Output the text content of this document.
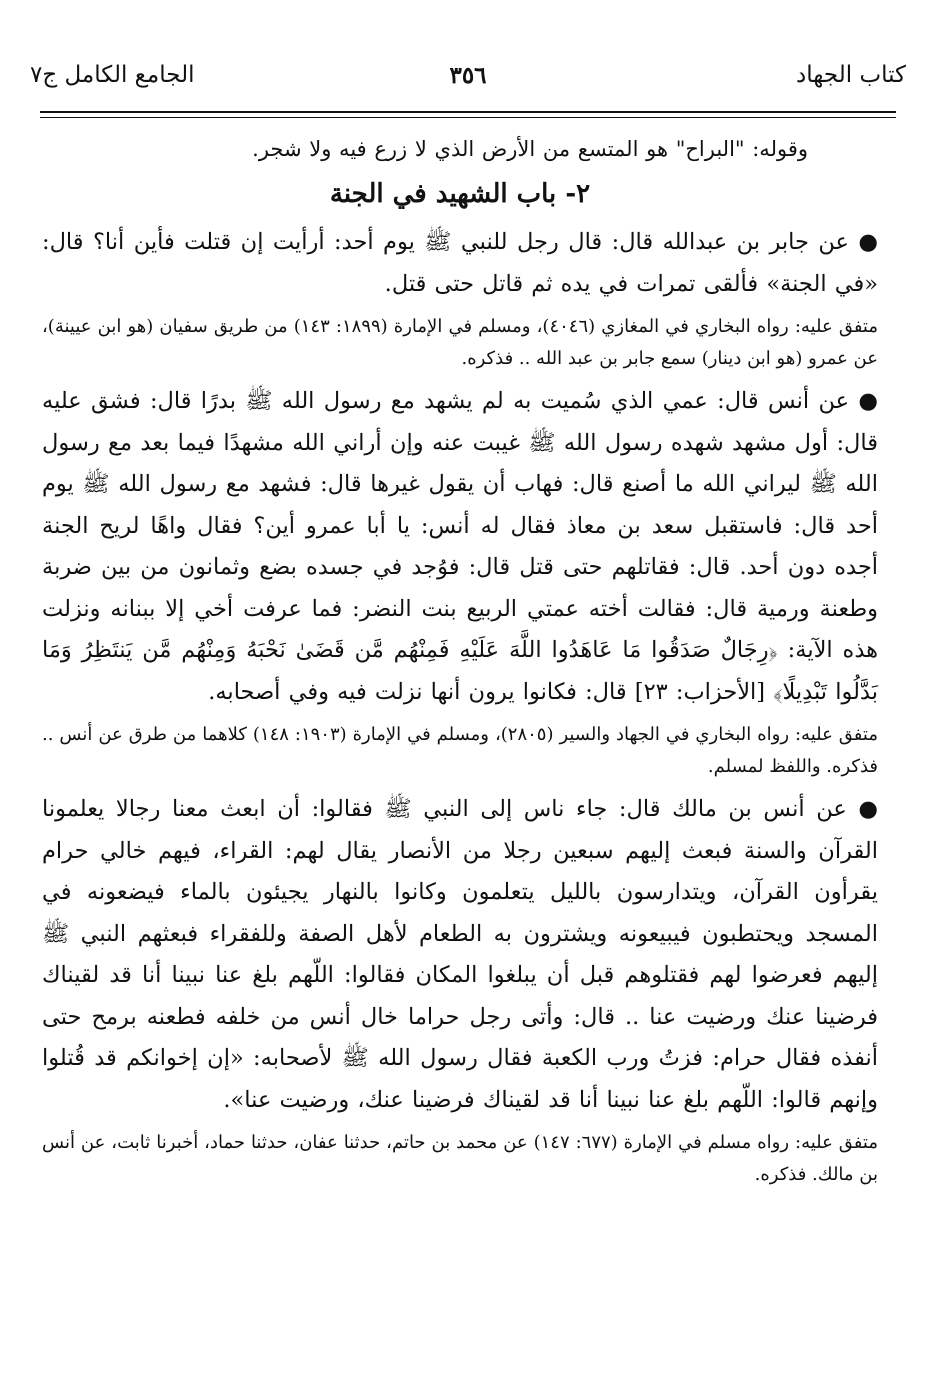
كتاب الجهاد
٣٥٦
الجامع الكامل ج٧

وقوله: "البراح" هو المتسع من الأرض الذي لا زرع فيه ولا شجر.

٢- باب الشهيد في الجنة

● عن جابر بن عبدالله قال: قال رجل للنبي ﷺ يوم أحد: أرأيت إن قتلت فأين أنا؟ قال: «في الجنة» فألقى تمرات في يده ثم قاتل حتى قتل.

متفق عليه: رواه البخاري في المغازي (٤٠٤٦)، ومسلم في الإمارة (١٨٩٩: ١٤٣) من طريق سفيان (هو ابن عيينة)، عن عمرو (هو ابن دينار) سمع جابر بن عبد الله .. فذكره.

● عن أنس قال: عمي الذي سُميت به لم يشهد مع رسول الله ﷺ بدرًا قال: فشق عليه قال: أول مشهد شهده رسول الله ﷺ غيبت عنه وإن أراني الله مشهدًا فيما بعد مع رسول الله ﷺ ليراني الله ما أصنع قال: فهاب أن يقول غيرها قال: فشهد مع رسول الله ﷺ يوم أحد قال: فاستقبل سعد بن معاذ فقال له أنس: يا أبا عمرو أين؟ فقال واهًا لريح الجنة أجده دون أحد. قال: فقاتلهم حتى قتل قال: فوُجد في جسده بضع وثمانون من بين ضربة وطعنة ورمية قال: فقالت أخته عمتي الربيع بنت النضر: فما عرفت أخي إلا ببنانه ونزلت هذه الآية: ﴿رِجَالٌ صَدَقُوا مَا عَاهَدُوا اللَّهَ عَلَيْهِ فَمِنْهُم مَّن قَضَىٰ نَحْبَهُ وَمِنْهُم مَّن يَنتَظِرُ وَمَا بَدَّلُوا تَبْدِيلًا﴾ [الأحزاب: ٢٣] قال: فكانوا يرون أنها نزلت فيه وفي أصحابه.

متفق عليه: رواه البخاري في الجهاد والسير (٢٨٠٥)، ومسلم في الإمارة (١٩٠٣: ١٤٨) كلاهما من طرق عن أنس .. فذكره. واللفظ لمسلم.

● عن أنس بن مالك قال: جاء ناس إلى النبي ﷺ فقالوا: أن ابعث معنا رجالا يعلمونا القرآن والسنة فبعث إليهم سبعين رجلا من الأنصار يقال لهم: القراء، فيهم خالي حرام يقرأون القرآن، ويتدارسون بالليل يتعلمون وكانوا بالنهار يجيئون بالماء فيضعونه في المسجد ويحتطبون فيبيعونه ويشترون به الطعام لأهل الصفة وللفقراء فبعثهم النبي ﷺ إليهم فعرضوا لهم فقتلوهم قبل أن يبلغوا المكان فقالوا: اللّهم بلغ عنا نبينا أنا قد لقيناك فرضينا عنك ورضيت عنا .. قال: وأتى رجل حراما خال أنس من خلفه فطعنه برمح حتى أنفذه فقال حرام: فزتُ ورب الكعبة فقال رسول الله ﷺ لأصحابه: «إن إخوانكم قد قُتلوا وإنهم قالوا: اللّهم بلغ عنا نبينا أنا قد لقيناك فرضينا عنك، ورضيت عنا».

متفق عليه: رواه مسلم في الإمارة (٦٧٧: ١٤٧) عن محمد بن حاتم، حدثنا عفان، حدثنا حماد، أخبرنا ثابت، عن أنس بن مالك. فذكره.
